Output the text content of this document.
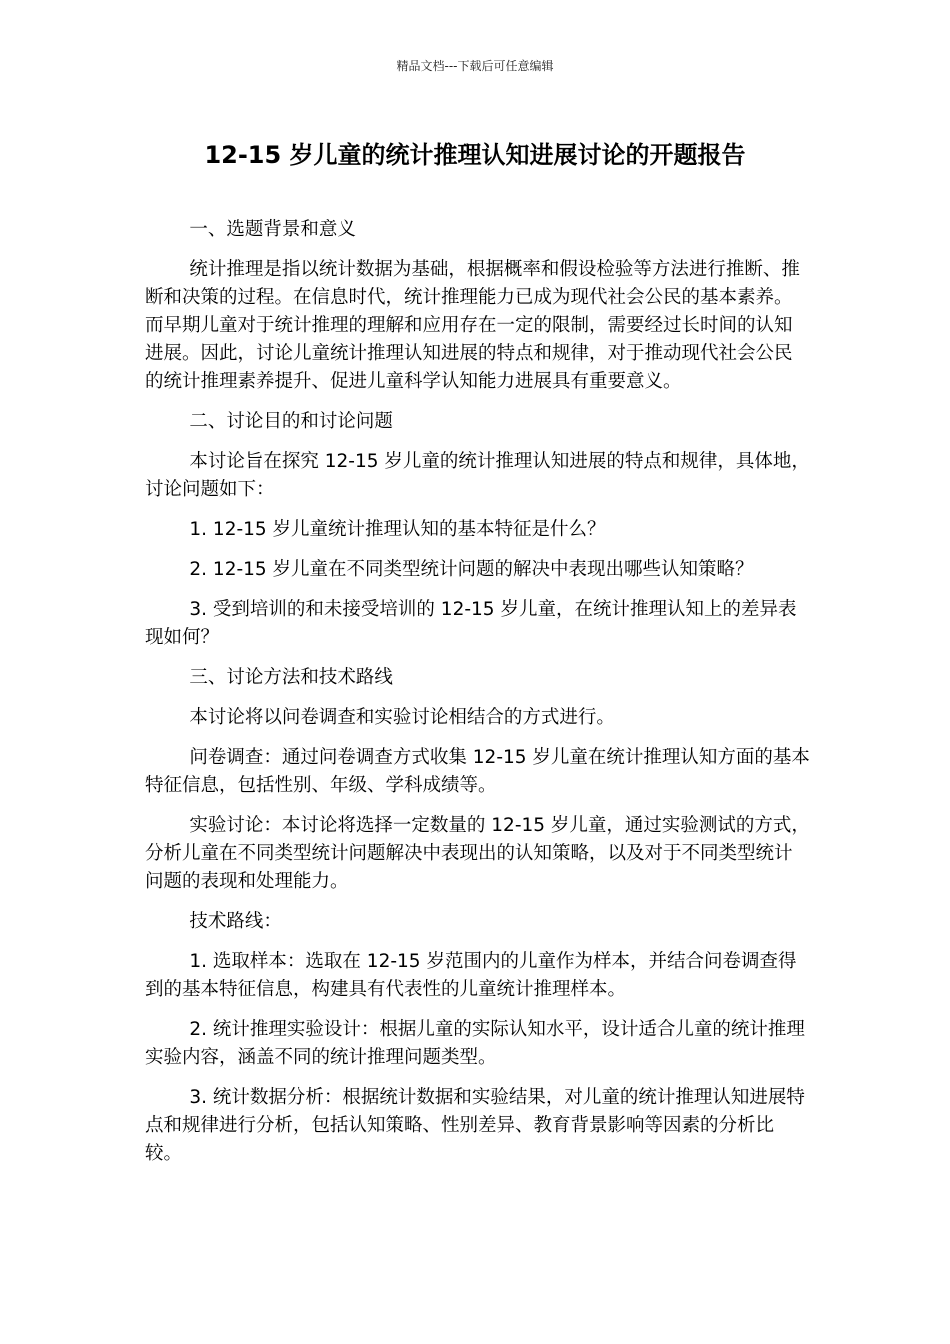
精品文档---下载后可任意编辑
12-15 岁儿童的统计推理认知进展讨论的开题报告

一、选题背景和意义

统计推理是指以统计数据为基础，根据概率和假设检验等方法进行推断、推断和决策的过程。在信息时代，统计推理能力已成为现代社会公民的基本素养。而早期儿童对于统计推理的理解和应用存在一定的限制，需要经过长时间的认知进展。因此，讨论儿童统计推理认知进展的特点和规律，对于推动现代社会公民的统计推理素养提升、促进儿童科学认知能力进展具有重要意义。

二、讨论目的和讨论问题

本讨论旨在探究 12-15 岁儿童的统计推理认知进展的特点和规律，具体地，讨论问题如下：

1. 12-15 岁儿童统计推理认知的基本特征是什么？

2. 12-15 岁儿童在不同类型统计问题的解决中表现出哪些认知策略？

3. 受到培训的和未接受培训的 12-15 岁儿童，在统计推理认知上的差异表现如何？

三、讨论方法和技术路线

本讨论将以问卷调查和实验讨论相结合的方式进行。

问卷调查：通过问卷调查方式收集 12-15 岁儿童在统计推理认知方面的基本特征信息，包括性别、年级、学科成绩等。

实验讨论：本讨论将选择一定数量的 12-15 岁儿童，通过实验测试的方式，分析儿童在不同类型统计问题解决中表现出的认知策略，以及对于不同类型统计问题的表现和处理能力。

技术路线：

1. 选取样本：选取在 12-15 岁范围内的儿童作为样本，并结合问卷调查得到的基本特征信息，构建具有代表性的儿童统计推理样本。

2. 统计推理实验设计：根据儿童的实际认知水平，设计适合儿童的统计推理实验内容，涵盖不同的统计推理问题类型。

3. 统计数据分析：根据统计数据和实验结果，对儿童的统计推理认知进展特点和规律进行分析，包括认知策略、性别差异、教育背景影响等因素的分析比较。
